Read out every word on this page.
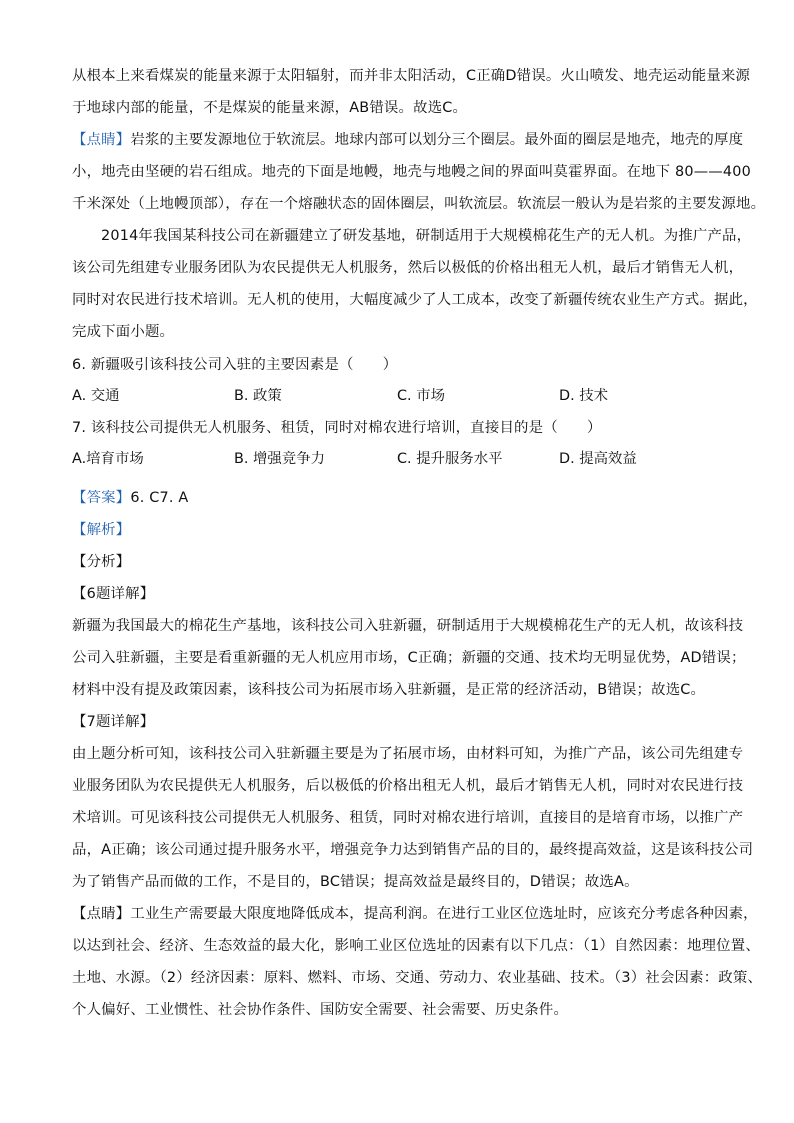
从根本上来看煤炭的能量来源于太阳辐射，而并非太阳活动，C正确D错误。火山喷发、地壳运动能量来源
于地球内部的能量，不是煤炭的能量来源，AB错误。故选C。
【点睛】岩浆的主要发源地位于软流层。地球内部可以划分三个圈层。最外面的圈层是地壳，地壳的厚度
小，地壳由坚硬的岩石组成。地壳的下面是地幔，地壳与地幔之间的界面叫莫霍界面。在地下 80——400
千米深处（上地幔顶部），存在一个熔融状态的固体圈层，叫软流层。软流层一般认为是岩浆的主要发源地。
2014年我国某科技公司在新疆建立了研发基地，研制适用于大规模棉花生产的无人机。为推广产品，
该公司先组建专业服务团队为农民提供无人机服务，然后以极低的价格出租无人机，最后才销售无人机，
同时对农民进行技术培训。无人机的使用，大幅度减少了人工成本，改变了新疆传统农业生产方式。据此，
完成下面小题。
6. 新疆吸引该科技公司入驻的主要因素是（　　）
A. 交通	B. 政策	C. 市场	D. 技术
7. 该科技公司提供无人机服务、租赁，同时对棉农进行培训，直接目的是（　　）
A.培育市场	B. 增强竞争力	C. 提升服务水平	D. 提高效益
【答案】6. C7. A
【解析】
【分析】
【6题详解】
新疆为我国最大的棉花生产基地，该科技公司入驻新疆，研制适用于大规模棉花生产的无人机，故该科技
公司入驻新疆，主要是看重新疆的无人机应用市场，C正确；新疆的交通、技术均无明显优势，AD错误；
材料中没有提及政策因素，该科技公司为拓展市场入驻新疆，是正常的经济活动，B错误；故选C。
【7题详解】
由上题分析可知，该科技公司入驻新疆主要是为了拓展市场，由材料可知，为推广产品，该公司先组建专
业服务团队为农民提供无人机服务，后以极低的价格出租无人机，最后才销售无人机，同时对农民进行技
术培训。可见该科技公司提供无人机服务、租赁，同时对棉农进行培训，直接目的是培育市场，以推广产
品，A正确；该公司通过提升服务水平，增强竞争力达到销售产品的目的，最终提高效益，这是该科技公司
为了销售产品而做的工作，不是目的，BC错误；提高效益是最终目的，D错误；故选A。
【点睛】工业生产需要最大限度地降低成本，提高利润。在进行工业区位选址时，应该充分考虑各种因素，
以达到社会、经济、生态效益的最大化，影响工业区位选址的因素有以下几点：（1）自然因素：地理位置、
土地、水源。（2）经济因素：原料、燃料、市场、交通、劳动力、农业基础、技术。（3）社会因素：政策、
个人偏好、工业惯性、社会协作条件、国防安全需要、社会需要、历史条件。
